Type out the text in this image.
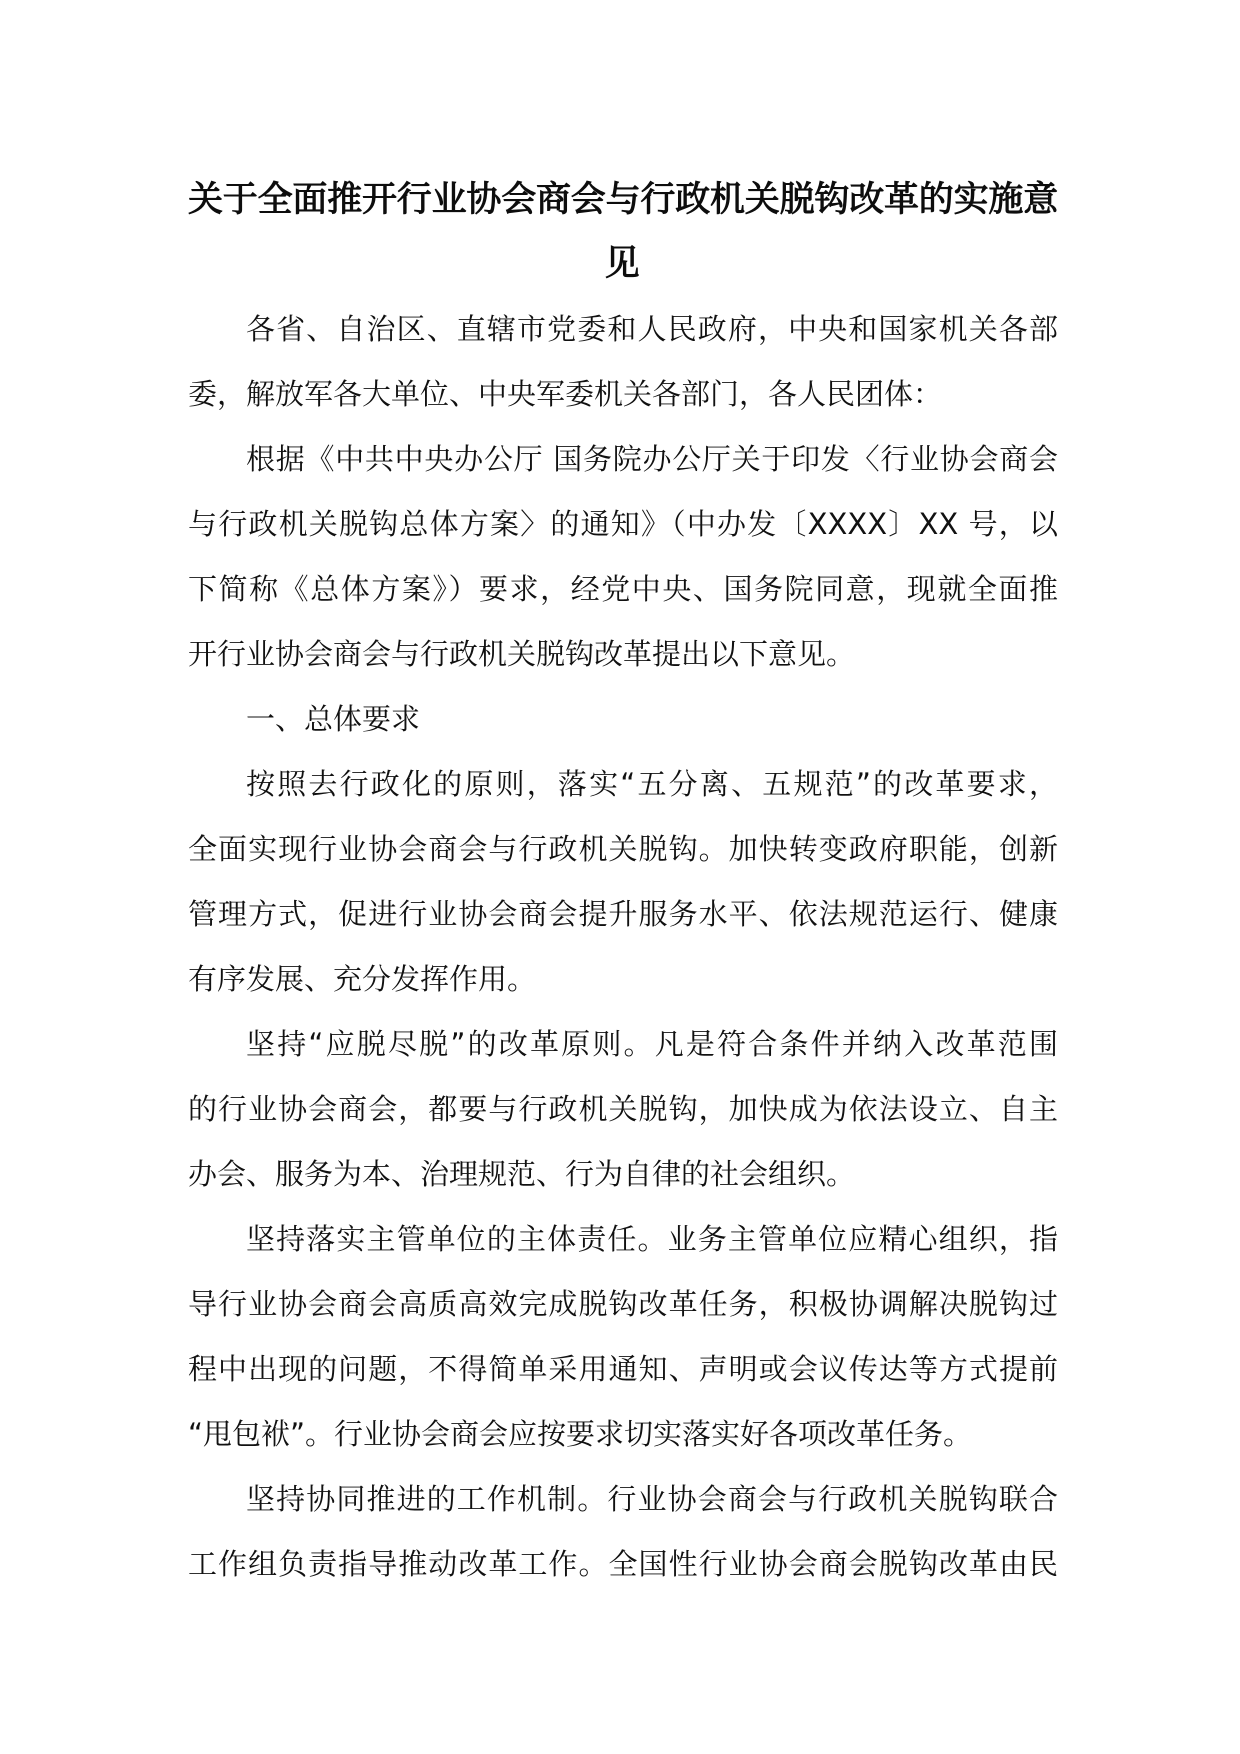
关于全面推开行业协会商会与行政机关脱钩改革的实施意
见

各省、自治区、直辖市党委和人民政府，中央和国家机关各部
委，解放军各大单位、中央军委机关各部门，各人民团体：

根据《中共中央办公厅 国务院办公厅关于印发〈行业协会商会
与行政机关脱钩总体方案〉的通知》（中办发〔XXXX〕XX 号，以
下简称《总体方案》）要求，经党中央、国务院同意，现就全面推
开行业协会商会与行政机关脱钩改革提出以下意见。

一、总体要求

按照去行政化的原则，落实“五分离、五规范”的改革要求，
全面实现行业协会商会与行政机关脱钩。加快转变政府职能，创新
管理方式，促进行业协会商会提升服务水平、依法规范运行、健康
有序发展、充分发挥作用。

坚持“应脱尽脱”的改革原则。凡是符合条件并纳入改革范围
的行业协会商会，都要与行政机关脱钩，加快成为依法设立、自主
办会、服务为本、治理规范、行为自律的社会组织。

坚持落实主管单位的主体责任。业务主管单位应精心组织，指
导行业协会商会高质高效完成脱钩改革任务，积极协调解决脱钩过
程中出现的问题，不得简单采用通知、声明或会议传达等方式提前
“甩包袱”。行业协会商会应按要求切实落实好各项改革任务。

坚持协同推进的工作机制。行业协会商会与行政机关脱钩联合
工作组负责指导推动改革工作。全国性行业协会商会脱钩改革由民
